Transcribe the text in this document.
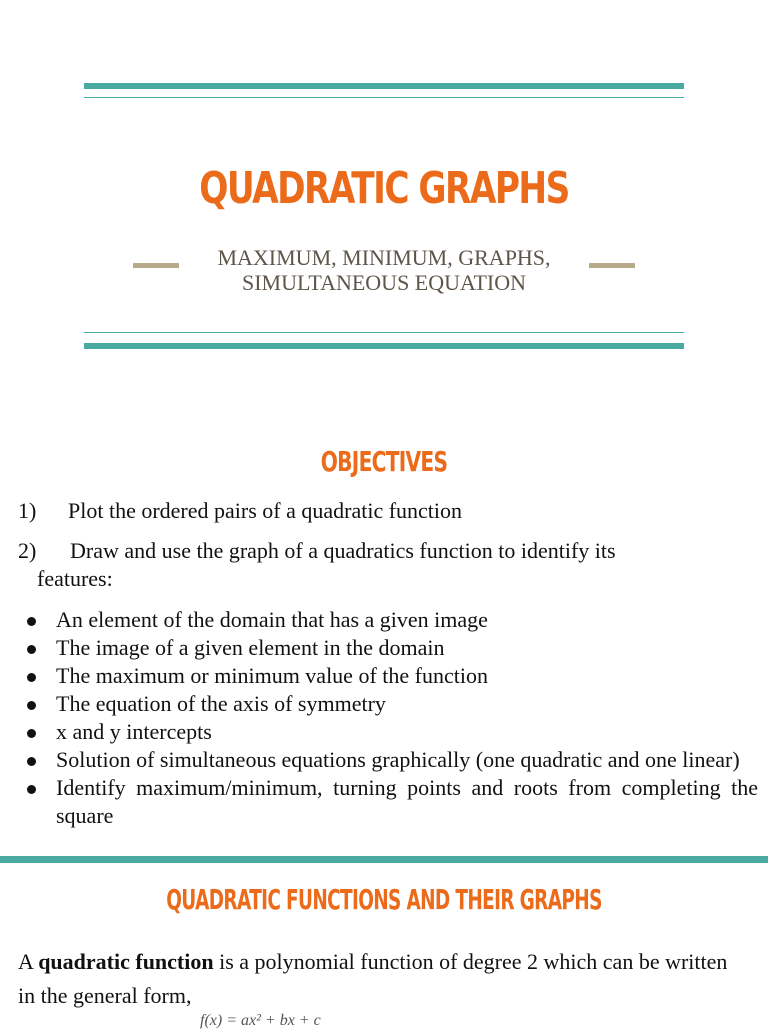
QUADRATIC GRAPHS
MAXIMUM, MINIMUM, GRAPHS,
SIMULTANEOUS EQUATION
OBJECTIVES
1) Plot the ordered pairs of a quadratic function
2) Draw and use the graph of a quadratics function to identify its
features:
An element of the domain that has a given image
The image of a given element in the domain
The maximum or minimum value of the function
The equation of the axis of symmetry
x and y intercepts
Solution of simultaneous equations graphically (one quadratic and one linear)
Identify maximum/minimum, turning points and roots from completing the square
QUADRATIC FUNCTIONS AND THEIR GRAPHS
A quadratic function is a polynomial function of degree 2 which can be written in the general form,
f(x) = ax² + bx + c
